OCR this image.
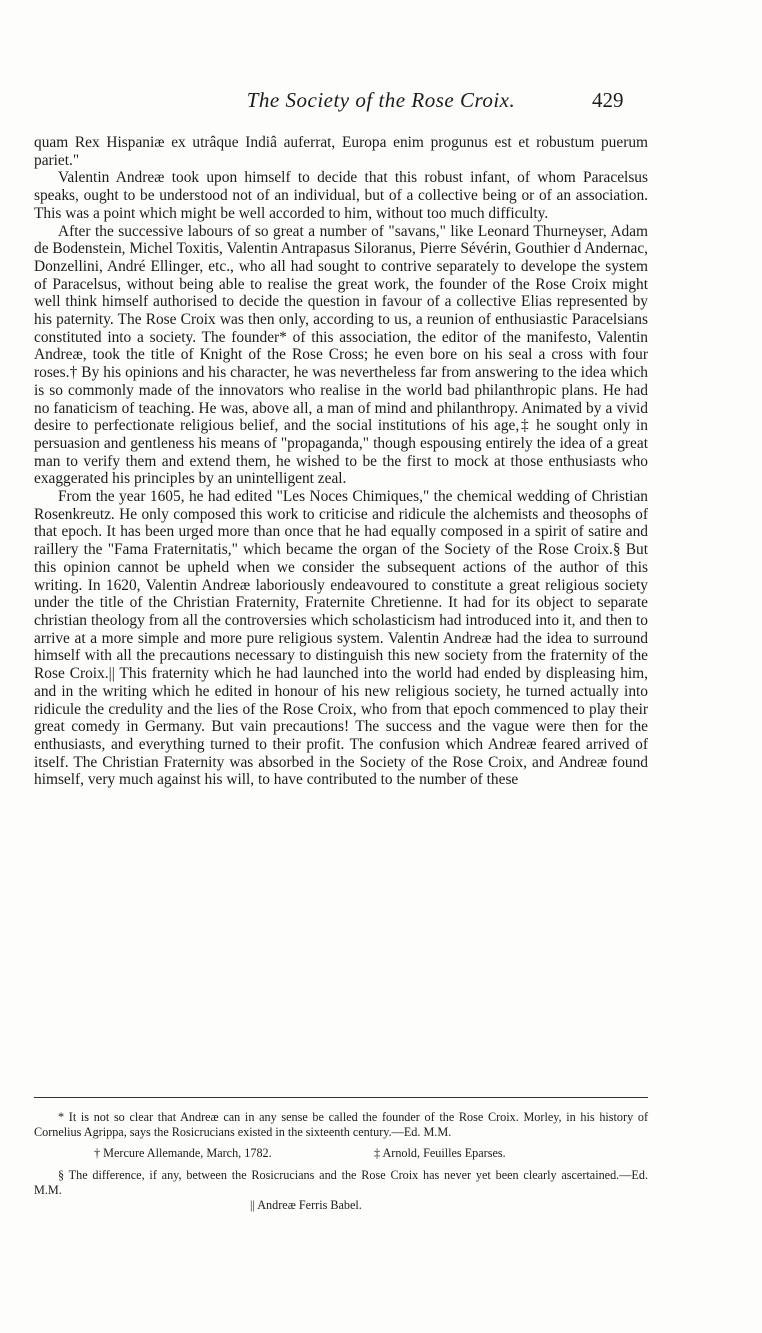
The Society of the Rose Croix.	429

quam Rex Hispaniæ ex utrâque Indiâ auferrat, Europa enim progunus est et robustum puerum pariet."

Valentin Andreæ took upon himself to decide that this robust infant, of whom Paracelsus speaks, ought to be understood not of an individual, but of a collective being or of an association. This was a point which might be well accorded to him, without too much difficulty.

After the successive labours of so great a number of "savans," like Leonard Thurneyser, Adam de Bodenstein, Michel Toxitis, Valentin Antrapasus Siloranus, Pierre Sévérin, Gouthier d Andernac, Donzellini, André Ellinger, etc., who all had sought to contrive separately to develope the system of Paracelsus, without being able to realise the great work, the founder of the Rose Croix might well think himself authorised to decide the question in favour of a collective Elias represented by his paternity. The Rose Croix was then only, according to us, a reunion of enthusiastic Paracelsians constituted into a society. The founder* of this association, the editor of the manifesto, Valentin Andreæ, took the title of Knight of the Rose Cross; he even bore on his seal a cross with four roses.† By his opinions and his character, he was nevertheless far from answering to the idea which is so commonly made of the innovators who realise in the world bad philanthropic plans. He had no fanaticism of teaching. He was, above all, a man of mind and philanthropy. Animated by a vivid desire to perfectionate religious belief, and the social institutions of his age,‡ he sought only in persuasion and gentleness his means of "propaganda," though espousing entirely the idea of a great man to verify them and extend them, he wished to be the first to mock at those enthusiasts who exaggerated his principles by an unintelligent zeal.

From the year 1605, he had edited "Les Noces Chimiques," the chemical wedding of Christian Rosenkreutz. He only composed this work to criticise and ridicule the alchemists and theosophs of that epoch. It has been urged more than once that he had equally composed in a spirit of satire and raillery the "Fama Fraternitatis," which became the organ of the Society of the Rose Croix.§ But this opinion cannot be upheld when we consider the subsequent actions of the author of this writing. In 1620, Valentin Andreæ laboriously endeavoured to constitute a great religious society under the title of the Christian Fraternity, Fraternite Chretienne. It had for its object to separate christian theology from all the controversies which scholasticism had introduced into it, and then to arrive at a more simple and more pure religious system. Valentin Andreæ had the idea to surround himself with all the precautions necessary to distinguish this new society from the fraternity of the Rose Croix.|| This fraternity which he had launched into the world had ended by displeasing him, and in the writing which he edited in honour of his new religious society, he turned actually into ridicule the credulity and the lies of the Rose Croix, who from that epoch commenced to play their great comedy in Germany. But vain precautions! The success and the vague were then for the enthusiasts, and everything turned to their profit. The confusion which Andreæ feared arrived of itself. The Christian Fraternity was absorbed in the Society of the Rose Croix, and Andreæ found himself, very much against his will, to have contributed to the number of these

* It is not so clear that Andreæ can in any sense be called the founder of the Rose Croix. Morley, in his history of Cornelius Agrippa, says the Rosicrucians existed in the sixteenth century.—Ed. M.M.

† Mercure Allemande, March, 1782.	‡ Arnold, Feuilles Eparses.

§ The difference, if any, between the Rosicrucians and the Rose Croix has never yet been clearly ascertained.—Ed. M.M.

|| Andreæ Ferris Babel.
